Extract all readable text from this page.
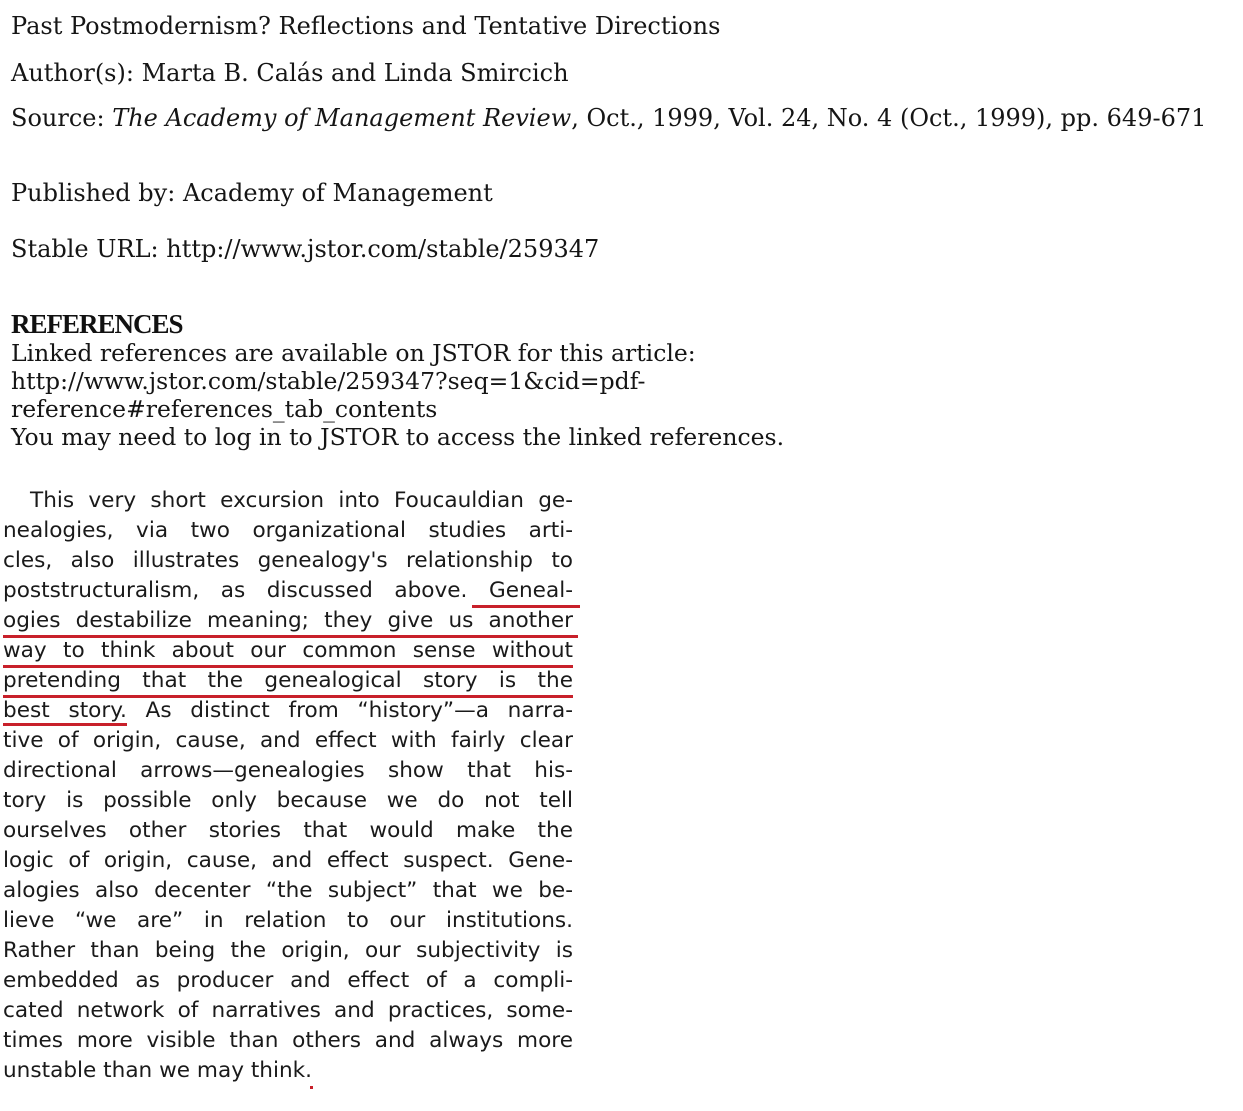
Past Postmodernism? Reflections and Tentative Directions
Author(s): Marta B. Calás and Linda Smircich
Source: The Academy of Management Review, Oct., 1999, Vol. 24, No. 4 (Oct., 1999), pp. 649-671
Published by: Academy of Management
Stable URL: http://www.jstor.com/stable/259347
REFERENCES
Linked references are available on JSTOR for this article:
http://www.jstor.com/stable/259347?seq=1&cid=pdf-
reference#references_tab_contents
You may need to log in to JSTOR to access the linked references.
This very short excursion into Foucauldian ge-
nealogies, via two organizational studies arti-
cles, also illustrates genealogy's relationship to
poststructuralism, as discussed above. Geneal-
ogies destabilize meaning; they give us another
way to think about our common sense without
pretending that the genealogical story is the
best story. As distinct from “history”—a narra-
tive of origin, cause, and effect with fairly clear
directional arrows—genealogies show that his-
tory is possible only because we do not tell
ourselves other stories that would make the
logic of origin, cause, and effect suspect. Gene-
alogies also decenter “the subject” that we be-
lieve “we are” in relation to our institutions.
Rather than being the origin, our subjectivity is
embedded as producer and effect of a compli-
cated network of narratives and practices, some-
times more visible than others and always more
unstable than we may think.
